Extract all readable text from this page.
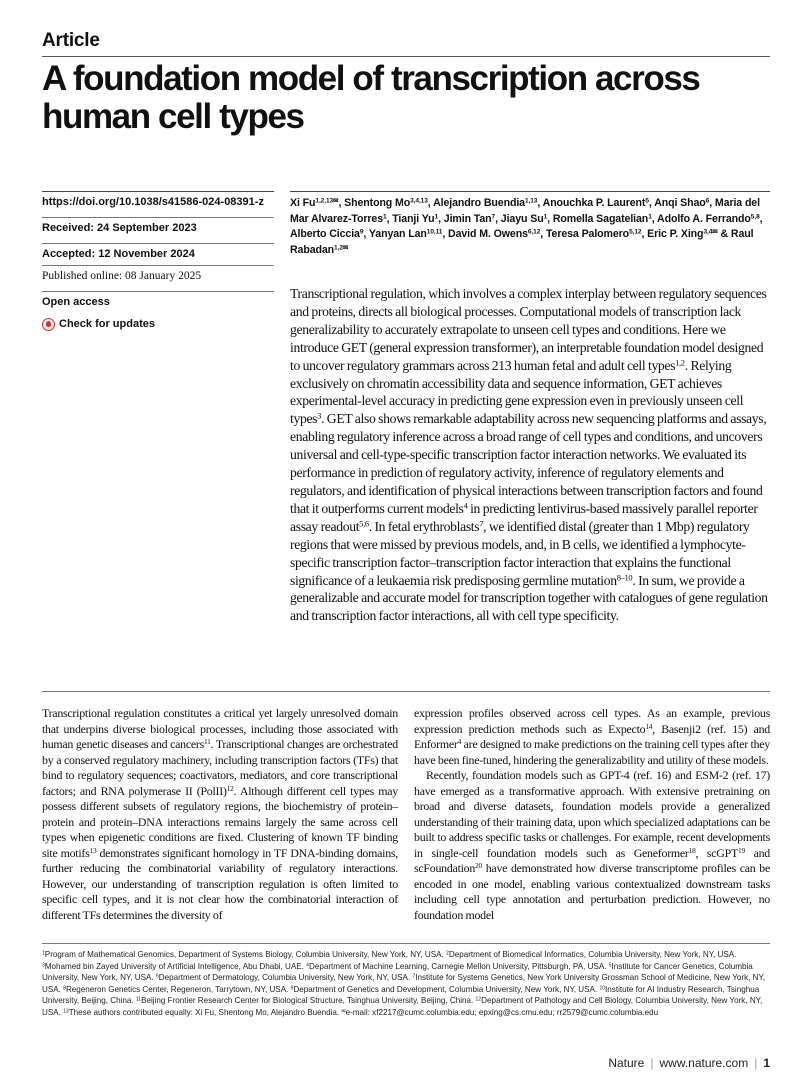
Article
A foundation model of transcription across human cell types
https://doi.org/10.1038/s41586-024-08391-z
Received: 24 September 2023
Accepted: 12 November 2024
Published online: 08 January 2025
Open access
Check for updates
Xi $Fu^{1,2,13✉}$, Shentong Mo$^{3,4,13}$, Alejandro Buendia$^{1,13}$, Anouchka P. Laurent$^5$, Anqi Shao$^6$, Maria del Mar Alvarez-Torres$^1$, Tianji Yu$^1$, Jimin Tan$^7$, Jiayu Su$^1$, Romella Sagatelian$^1$, Adolfo A. Ferrando$^{5,8}$, Alberto Ciccia$^9$, Yanyan Lan$^{10,11}$, David M. Owens$^{6,12}$, Teresa Palomero$^{5,12}$, Eric P. Xing$^{3,4✉}$ & Raul Rabadan$^{1,2✉}$

Transcriptional regulation, which involves a complex interplay between regulatory sequences and proteins, directs all biological processes. Computational models of transcription lack generalizability to accurately extrapolate to unseen cell types and conditions. Here we introduce GET (general expression transformer), an interpretable foundation model designed to uncover regulatory grammars across 213 human fetal and adult cell types$^{1,2}$. Relying exclusively on chromatin accessibility data and sequence information, GET achieves experimental-level accuracy in predicting gene expression even in previously unseen cell types$^3$. GET also shows remarkable adaptability across new sequencing platforms and assays, enabling regulatory inference across a broad range of cell types and conditions, and uncovers universal and cell-type-specific transcription factor interaction networks. We evaluated its performance in prediction of regulatory activity, inference of regulatory elements and regulators, and identification of physical interactions between transcription factors and found that it outperforms current models$^4$ in predicting lentivirus-based massively parallel reporter assay readout$^{5,6}$. In fetal erythroblasts$^7$, we identified distal (greater than 1 Mbp) regulatory regions that were missed by previous models, and, in B cells, we identified a lymphocyte-specific transcription factor–transcription factor interaction that explains the functional significance of a leukaemia risk predisposing germline mutation$^{8-10}$. In sum, we provide a generalizable and accurate model for transcription together with catalogues of gene regulation and transcription factor interactions, all with cell type specificity.

Transcriptional regulation constitutes a critical yet largely unresolved domain that underpins diverse biological processes, including those associated with human genetic diseases and cancers$^{11}$. Transcriptional changes are orchestrated by a conserved regulatory machinery, including transcription factors (TFs) that bind to regulatory sequences; coactivators, mediators, and core transcriptional factors; and RNA polymerase II (PolII)$^{12}$. Although different cell types may possess different subsets of regulatory regions, the biochemistry of protein–protein and protein–DNA interactions remains largely the same across cell types when epigenetic conditions are fixed. Clustering of known TF binding site motifs$^{13}$ demonstrates significant homology in TF DNA-binding domains, further reducing the combinatorial variability of regulatory interactions. However, our understanding of transcription regulation is often limited to specific cell types, and it is not clear how the combinatorial interaction of different TFs determines the diversity of

expression profiles observed across cell types. As an example, previous expression prediction methods such as Expecto$^{14}$, Basenji2 (ref. 15) and Enformer$^4$ are designed to make predictions on the training cell types after they have been fine-tuned, hindering the generalizability and utility of these models.

Recently, foundation models such as GPT-4 (ref. 16) and ESM-2 (ref. 17) have emerged as a transformative approach. With extensive pretraining on broad and diverse datasets, foundation models provide a generalized understanding of their training data, upon which specialized adaptations can be built to address specific tasks or challenges. For example, recent developments in single-cell foundation models such as Geneformer$^{18}$, scGPT$^{19}$ and scFoundation$^{20}$ have demonstrated how diverse transcriptome profiles can be encoded in one model, enabling various contextualized downstream tasks including cell type annotation and perturbation prediction. However, no foundation model

$^1$Program of Mathematical Genomics, Department of Systems Biology, Columbia University, New York, NY, USA. $^2$Department of Biomedical Informatics, Columbia University, New York, NY, USA. $^3$Mohamed bin Zayed University of Artificial Intelligence, Abu Dhabi, UAE. $^4$Department of Machine Learning, Carnegie Mellon University, Pittsburgh, PA, USA. $^5$Institute for Cancer Genetics, Columbia University, New York, NY, USA. $^6$Department of Dermatology, Columbia University, New York, NY, USA. $^7$Institute for Systems Genetics, New York University Grossman School of Medicine, New York, NY, USA. $^8$Regeneron Genetics Center, Regeneron, Tarrytown, NY, USA. $^9$Department of Genetics and Development, Columbia University, New York, NY, USA. $^{10}$Institute for AI Industry Research, Tsinghua University, Beijing, China. $^{11}$Beijing Frontier Research Center for Biological Structure, Tsinghua University, Beijing, China. $^{12}$Department of Pathology and Cell Biology, Columbia University, New York, NY, USA. $^{13}$These authors contributed equally: Xi Fu, Shentong Mo, Alejandro Buendia. ✉e-mail: xf2217@cumc.columbia.edu; epxing@cs.cmu.edu; rr2579@cumc.columbia.edu

Nature | www.nature.com | 1
